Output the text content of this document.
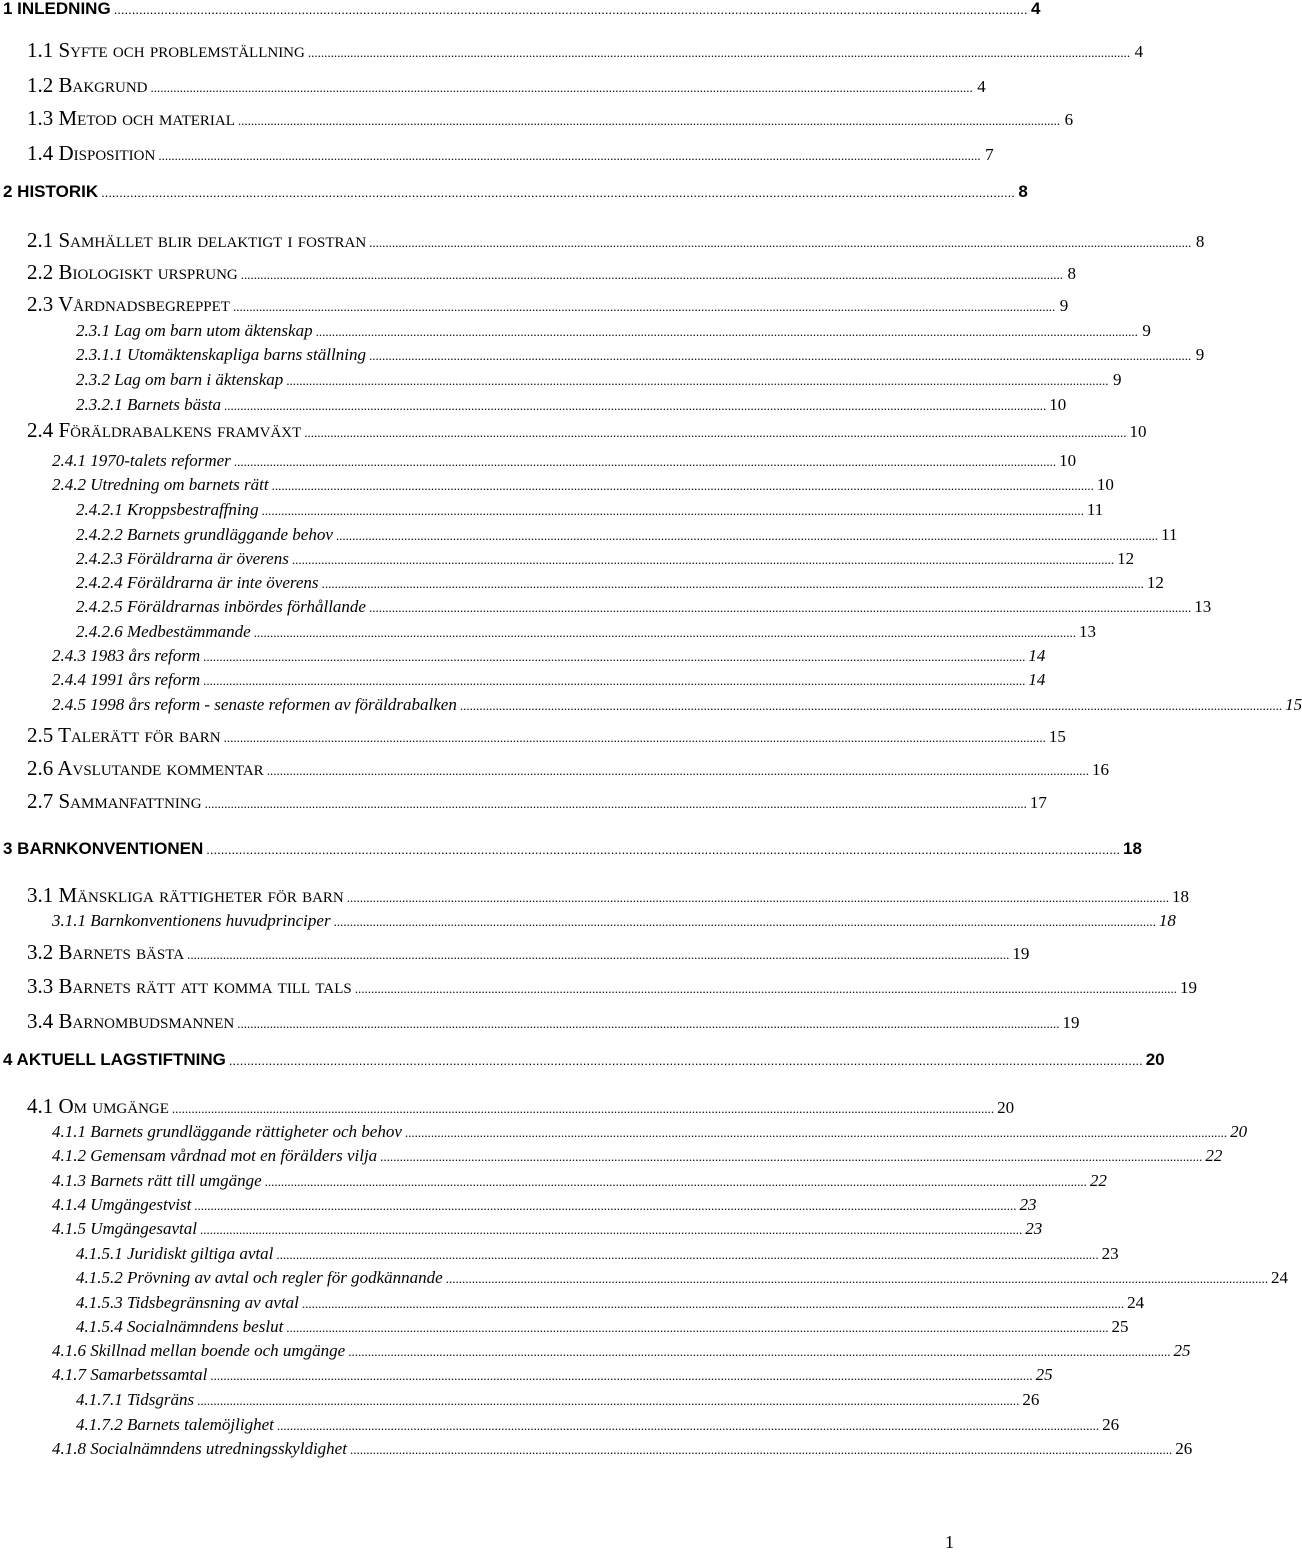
1 INLEDNING ............................................................................................................................................................................................................................................................. 4
1.1 Syfte och problemställning ............................................................................................................................................................................................................................................................. 4
1.2 Bakgrund ............................................................................................................................................................................................................................................................. 4
1.3 Metod och material ............................................................................................................................................................................................................................................................. 6
1.4 Disposition ............................................................................................................................................................................................................................................................. 7
2 HISTORIK ............................................................................................................................................................................................................................................................. 8
2.1 Samhället blir delaktigt i fostran ............................................................................................................................................................................................................................................................. 8
2.2 Biologiskt ursprung ............................................................................................................................................................................................................................................................. 8
2.3 Vårdnadsbegreppet ............................................................................................................................................................................................................................................................. 9
2.3.1 Lag om barn utom äktenskap ............................................................................................................................................................................................................................................................. 9
2.3.1.1 Utomäktenskapliga barns ställning ............................................................................................................................................................................................................................................................. 9
2.3.2 Lag om barn i äktenskap ............................................................................................................................................................................................................................................................. 9
2.3.2.1 Barnets bästa ............................................................................................................................................................................................................................................................. 10
2.4 Föräldrabalkens framväxt ............................................................................................................................................................................................................................................................. 10
2.4.1 1970-talets reformer ............................................................................................................................................................................................................................................................. 10
2.4.2 Utredning om barnets rätt ............................................................................................................................................................................................................................................................. 10
2.4.2.1 Kroppsbestraffning ............................................................................................................................................................................................................................................................. 11
2.4.2.2 Barnets grundläggande behov ............................................................................................................................................................................................................................................................. 11
2.4.2.3 Föräldrarna är överens ............................................................................................................................................................................................................................................................. 12
2.4.2.4 Föräldrarna är inte överens ............................................................................................................................................................................................................................................................. 12
2.4.2.5 Föräldrarnas inbördes förhållande ............................................................................................................................................................................................................................................................. 13
2.4.2.6 Medbestämmande ............................................................................................................................................................................................................................................................. 13
2.4.3 1983 års reform ............................................................................................................................................................................................................................................................. 14
2.4.4 1991 års reform ............................................................................................................................................................................................................................................................. 14
2.4.5 1998 års reform - senaste reformen av föräldrabalken ............................................................................................................................................................................................................................................................. 15
2.5 Talerätt för barn ............................................................................................................................................................................................................................................................. 15
2.6 Avslutande kommentar ............................................................................................................................................................................................................................................................. 16
2.7 Sammanfattning ............................................................................................................................................................................................................................................................. 17
3 BARNKONVENTIONEN ............................................................................................................................................................................................................................................................. 18
3.1 Mänskliga rättigheter för barn ............................................................................................................................................................................................................................................................. 18
3.1.1 Barnkonventionens huvudprinciper ............................................................................................................................................................................................................................................................. 18
3.2 Barnets bästa ............................................................................................................................................................................................................................................................. 19
3.3 Barnets rätt att komma till tals ............................................................................................................................................................................................................................................................. 19
3.4 Barnombudsmannen ............................................................................................................................................................................................................................................................. 19
4 AKTUELL LAGSTIFTNING ............................................................................................................................................................................................................................................................. 20
4.1 Om umgänge ............................................................................................................................................................................................................................................................. 20
4.1.1 Barnets grundläggande rättigheter och behov ............................................................................................................................................................................................................................................................. 20
4.1.2 Gemensam vårdnad mot en förälders vilja ............................................................................................................................................................................................................................................................. 22
4.1.3 Barnets rätt till umgänge ............................................................................................................................................................................................................................................................. 22
4.1.4 Umgängestvist ............................................................................................................................................................................................................................................................. 23
4.1.5 Umgängesavtal ............................................................................................................................................................................................................................................................. 23
4.1.5.1 Juridiskt giltiga avtal ............................................................................................................................................................................................................................................................. 23
4.1.5.2 Prövning av avtal och regler för godkännande ............................................................................................................................................................................................................................................................. 24
4.1.5.3 Tidsbegränsning av avtal ............................................................................................................................................................................................................................................................. 24
4.1.5.4 Socialnämndens beslut ............................................................................................................................................................................................................................................................. 25
4.1.6 Skillnad mellan boende och umgänge ............................................................................................................................................................................................................................................................. 25
4.1.7 Samarbetssamtal ............................................................................................................................................................................................................................................................. 25
4.1.7.1 Tidsgräns ............................................................................................................................................................................................................................................................. 26
4.1.7.2 Barnets talemöjlighet ............................................................................................................................................................................................................................................................. 26
4.1.8 Socialnämndens utredningsskyldighet ............................................................................................................................................................................................................................................................. 26
1
